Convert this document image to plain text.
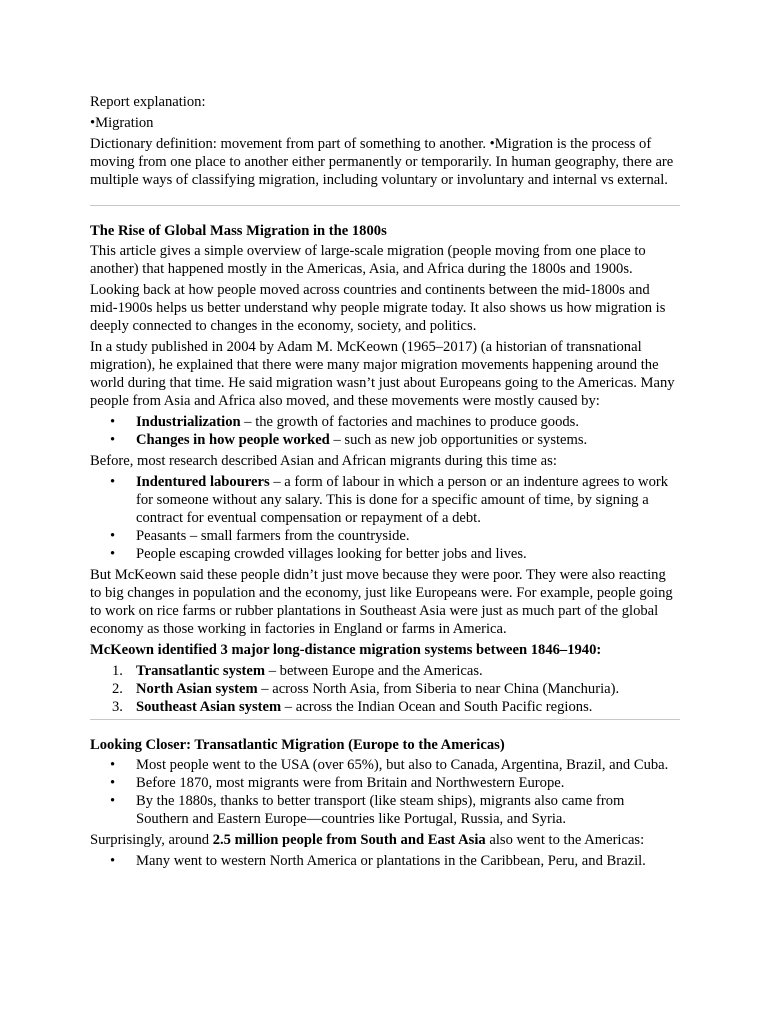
Report explanation:

•Migration

Dictionary definition: movement from part of something to another. •Migration is the process of moving from one place to another either permanently or temporarily. In human geography, there are multiple ways of classifying migration, including voluntary or involuntary and internal vs external.

The Rise of Global Mass Migration in the 1800s

This article gives a simple overview of large-scale migration (people moving from one place to another) that happened mostly in the Americas, Asia, and Africa during the 1800s and 1900s.

Looking back at how people moved across countries and continents between the mid-1800s and mid-1900s helps us better understand why people migrate today. It also shows us how migration is deeply connected to changes in the economy, society, and politics.

In a study published in 2004 by Adam M. McKeown (1965–2017) (a historian of transnational migration), he explained that there were many major migration movements happening around the world during that time. He said migration wasn’t just about Europeans going to the Americas. Many people from Asia and Africa also moved, and these movements were mostly caused by:

• Industrialization – the growth of factories and machines to produce goods.
• Changes in how people worked – such as new job opportunities or systems.

Before, most research described Asian and African migrants during this time as:

• Indentured labourers – a form of labour in which a person or an indenture agrees to work for someone without any salary. This is done for a specific amount of time, by signing a contract for eventual compensation or repayment of a debt.
• Peasants – small farmers from the countryside.
• People escaping crowded villages looking for better jobs and lives.

But McKeown said these people didn’t just move because they were poor. They were also reacting to big changes in population and the economy, just like Europeans were. For example, people going to work on rice farms or rubber plantations in Southeast Asia were just as much part of the global economy as those working in factories in England or farms in America.

McKeown identified 3 major long-distance migration systems between 1846–1940:

1. Transatlantic system – between Europe and the Americas.
2. North Asian system – across North Asia, from Siberia to near China (Manchuria).
3. Southeast Asian system – across the Indian Ocean and South Pacific regions.
Looking Closer: Transatlantic Migration (Europe to the Americas)
• Most people went to the USA (over 65%), but also to Canada, Argentina, Brazil, and Cuba.
• Before 1870, most migrants were from Britain and Northwestern Europe.
• By the 1880s, thanks to better transport (like steam ships), migrants also came from Southern and Eastern Europe—countries like Portugal, Russia, and Syria.

Surprisingly, around 2.5 million people from South and East Asia also went to the Americas:

• Many went to western North America or plantations in the Caribbean, Peru, and Brazil.
